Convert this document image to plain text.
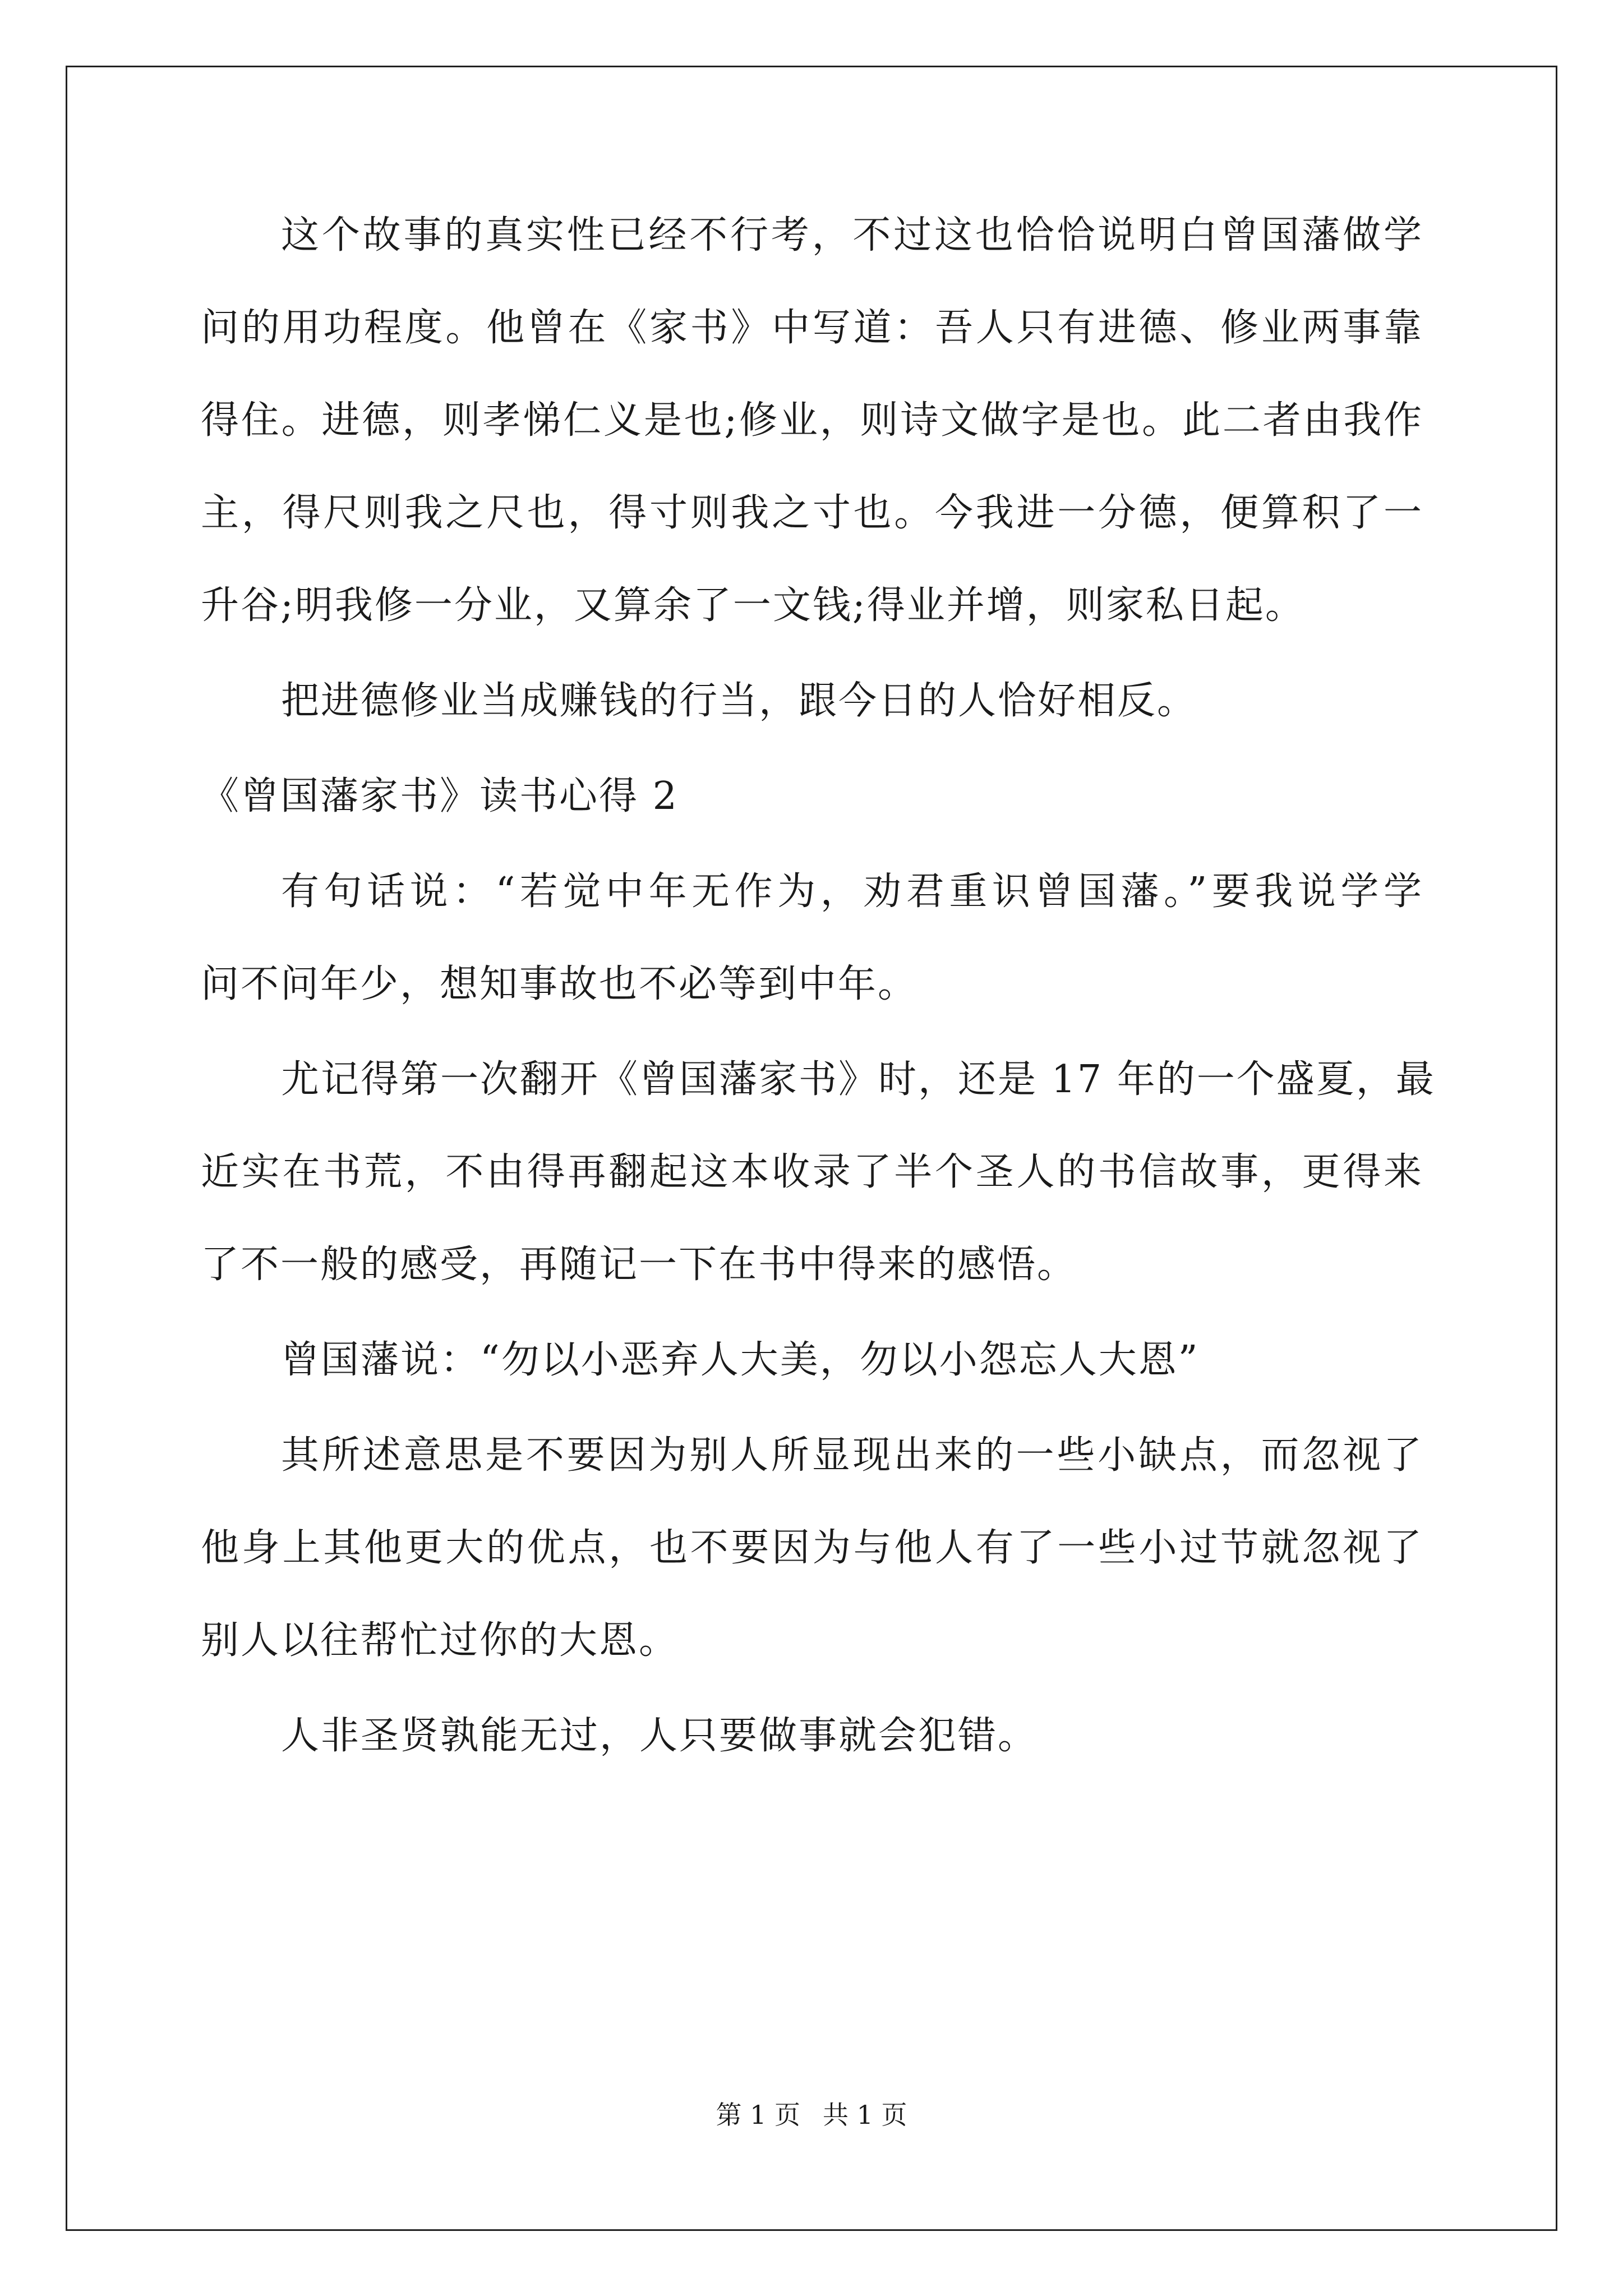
这个故事的真实性已经不行考，不过这也恰恰说明白曾国藩做学
问的用功程度。他曾在《家书》中写道：吾人只有进德、修业两事靠
得住。进德，则孝悌仁义是也;修业，则诗文做字是也。此二者由我作
主，得尺则我之尺也，得寸则我之寸也。今我进一分德，便算积了一
升谷;明我修一分业，又算余了一文钱;得业并增，则家私日起。
把进德修业当成赚钱的行当，跟今日的人恰好相反。
《曾国藩家书》读书心得 2
有句话说：“若觉中年无作为，劝君重识曾国藩。”要我说学学
问不问年少，想知事故也不必等到中年。
尤记得第一次翻开《曾国藩家书》时，还是 17 年的一个盛夏，最
近实在书荒，不由得再翻起这本收录了半个圣人的书信故事，更得来
了不一般的感受，再随记一下在书中得来的感悟。
曾国藩说：“勿以小恶弃人大美，勿以小怨忘人大恩”
其所述意思是不要因为别人所显现出来的一些小缺点，而忽视了
他身上其他更大的优点，也不要因为与他人有了一些小过节就忽视了
别人以往帮忙过你的大恩。
人非圣贤孰能无过，人只要做事就会犯错。
第 1 页 共 1 页
